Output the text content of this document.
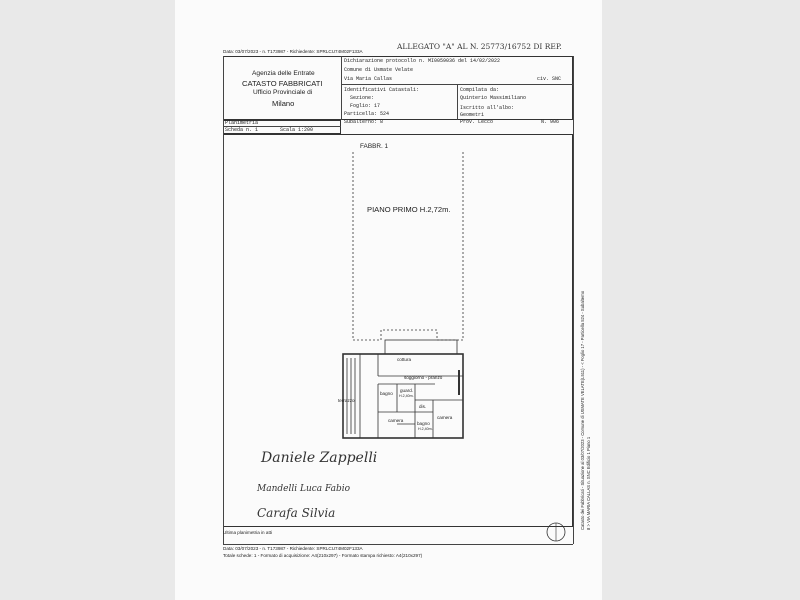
Data: 03/07/2023 - n. T173987 - Richiedente: SPRLCU74M02F133A
ALLEGATO "A" AL N. 25773/16752 DI REP.
Agenzia delle Entrate
CATASTO FABBRICATI
Ufficio Provinciale di
Milano
Dichiarazione protocollo n. MI0059036 del 14/02/2022
Comune di Usmate Velate
Via Maria Callas	civ. SNC
Identificativi Catastali:
Sezione:
Foglio: 17
Particella: 524
Subalterno: 8
Compilata da:
Quinterio Massimiliano
Iscritto all'albo:
Geometri
Prov. Lecco	N. 906
Planimetria
Scheda n. 1	Scala 1:200
FABBR. 1
PIANO PRIMO H.2,72m.
cottura
soggiorno - pranzo
terrazzo
bagno
guard.
H.2,40m.
dis.
camera
camera
bagno
H.2,40m.
Daniele Zappelli
Mandelli Luca Fabio
Carafa Silvia
Ultima planimetria in atti
Data: 03/07/2023 - n. T173987 - Richiedente: SPRLCU74M02F133A
Totale schede: 1 - Formato di acquisizione: A4(210x297) - Formato stampa richiesto: A4(210x297)
Catasto dei Fabbricati - Situazione al 03/07/2023 - Comune di USMATE VELATE(L511) - < Foglio 17 - Particella 524 - Subalterno 8 > VIA MARIA CALLAS n. SNC Edificio 1 Piano 1
